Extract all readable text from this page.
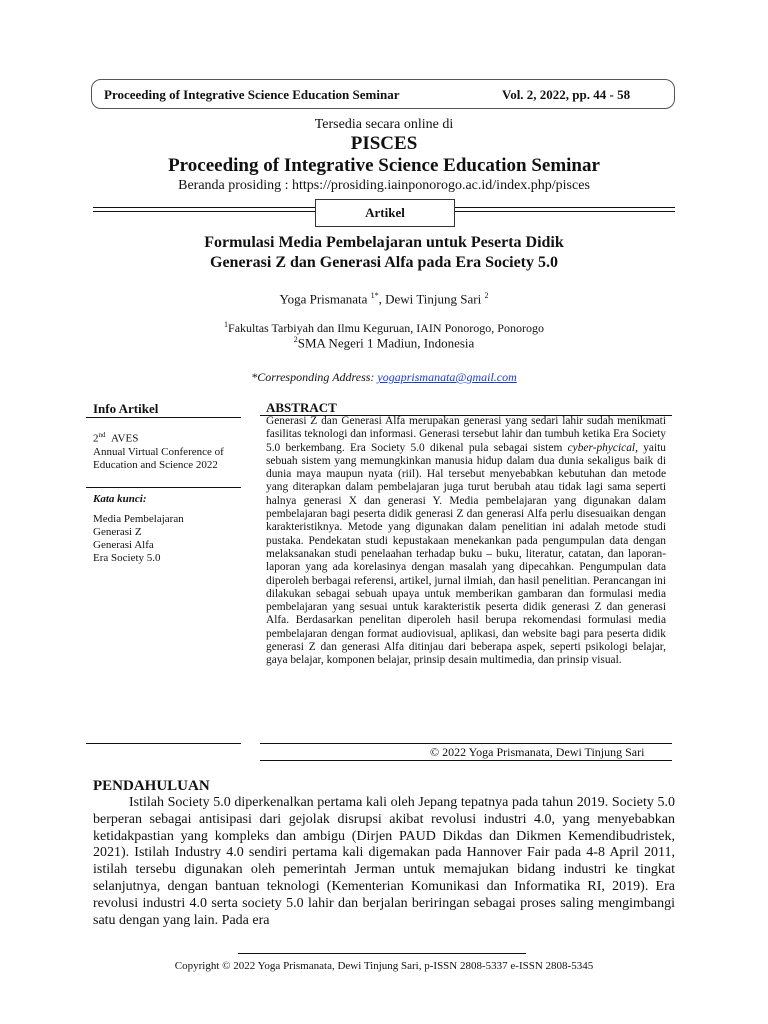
Proceeding of Integrative Science Education Seminar	Vol. 2, 2022, pp. 44 - 58
Tersedia secara online di
PISCES
Proceeding of Integrative Science Education Seminar
Beranda prosiding : https://prosiding.iainponorogo.ac.id/index.php/pisces
Artikel
Formulasi Media Pembelajaran untuk Peserta Didik
Generasi Z dan Generasi Alfa pada Era Society 5.0
Yoga Prismanata $^{1*}$, Dewi Tinjung Sari $^2$
$^1$Fakultas Tarbiyah dan Ilmu Keguruan, IAIN Ponorogo, Ponorogo
$^2$SMA Negeri 1 Madiun, Indonesia
*Corresponding Address: yogaprismanata@gmail.com
Info Artikel
2nd AVES
Annual Virtual Conference of
Education and Science 2022
Kata kunci:
Media Pembelajaran
Generasi Z
Generasi Alfa
Era Society 5.0
ABSTRACT
Generasi Z dan Generasi Alfa merupakan generasi yang sedari lahir sudah menikmati fasilitas teknologi dan informasi. Generasi tersebut lahir dan tumbuh ketika Era Society 5.0 berkembang. Era Society 5.0 dikenal pula sebagai sistem cyber-phycical, yaitu sebuah sistem yang memungkinkan manusia hidup dalam dua dunia sekaligus baik di dunia maya maupun nyata (riil). Hal tersebut menyebabkan kebutuhan dan metode yang diterapkan dalam pembelajaran juga turut berubah atau tidak lagi sama seperti halnya generasi X dan generasi Y. Media pembelajaran yang digunakan dalam pembelajaran bagi peserta didik generasi Z dan generasi Alfa perlu disesuaikan dengan karakteristiknya. Metode yang digunakan dalam penelitian ini adalah metode studi pustaka. Pendekatan studi kepustakaan menekankan pada pengumpulan data dengan melaksanakan studi penelaahan terhadap buku – buku, literatur, catatan, dan laporan-laporan yang ada korelasinya dengan masalah yang dipecahkan. Pengumpulan data diperoleh berbagai referensi, artikel, jurnal ilmiah, dan hasil penelitian. Perancangan ini dilakukan sebagai sebuah upaya untuk memberikan gambaran dan formulasi media pembelajaran yang sesuai untuk karakteristik peserta didik generasi Z dan generasi Alfa. Berdasarkan penelitan diperoleh hasil berupa rekomendasi formulasi media pembelajaran dengan format audiovisual, aplikasi, dan website bagi para peserta didik generasi Z dan generasi Alfa ditinjau dari beberapa aspek, seperti psikologi belajar, gaya belajar, komponen belajar, prinsip desain multimedia, dan prinsip visual.
© 2022 Yoga Prismanata, Dewi Tinjung Sari
PENDAHULUAN
Istilah Society 5.0 diperkenalkan pertama kali oleh Jepang tepatnya pada tahun 2019. Society 5.0 berperan sebagai antisipasi dari gejolak disrupsi akibat revolusi industri 4.0, yang menyebabkan ketidakpastian yang kompleks dan ambigu (Dirjen PAUD Dikdas dan Dikmen Kemendibudristek, 2021). Istilah Industry 4.0 sendiri pertama kali digemakan pada Hannover Fair pada 4-8 April 2011, istilah tersebu digunakan oleh pemerintah Jerman untuk memajukan bidang industri ke tingkat selanjutnya, dengan bantuan teknologi (Kementerian Komunikasi dan Informatika RI, 2019). Era revolusi industri 4.0 serta society 5.0 lahir dan berjalan beriringan sebagai proses saling mengimbangi satu dengan yang lain. Pada era
Copyright © 2022 Yoga Prismanata, Dewi Tinjung Sari, p-ISSN 2808-5337 e-ISSN 2808-5345
